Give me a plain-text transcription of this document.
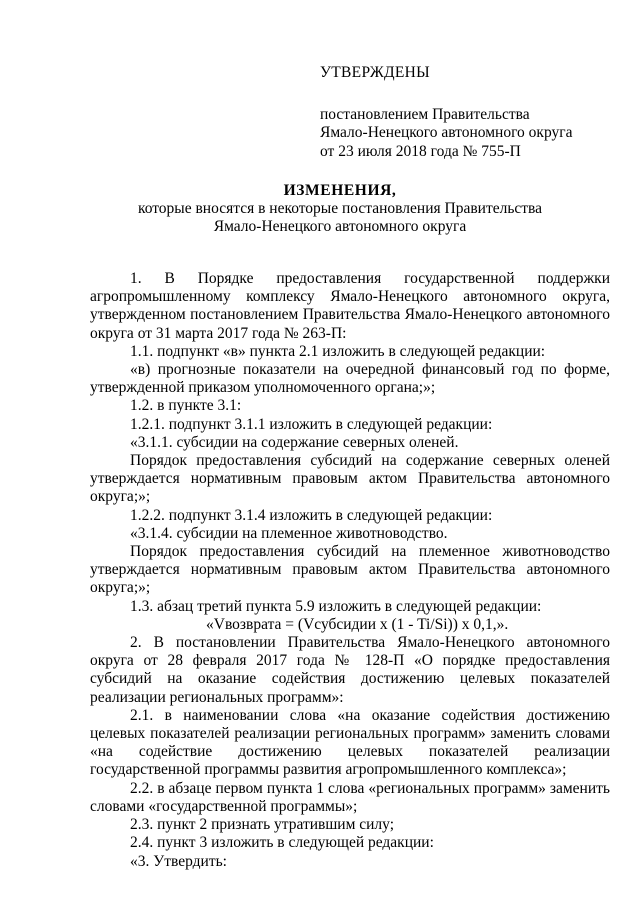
УТВЕРЖДЕНЫ

постановлением Правительства

Ямало-Ненецкого автономного округа

от 23 июля 2018 года № 755-П

ИЗМЕНЕНИЯ,

которые вносятся в некоторые постановления Правительства

Ямало-Ненецкого автономного округа

1. В Порядке предоставления государственной поддержки агропромышленному комплексу Ямало-Ненецкого автономного округа, утвержденном постановлением Правительства Ямало-Ненецкого автономного округа от 31 марта 2017 года № 263-П:

1.1. подпункт «в» пункта 2.1 изложить в следующей редакции:

«в) прогнозные показатели на очередной финансовый год по форме, утвержденной приказом уполномоченного органа;»;

1.2. в пункте 3.1:

1.2.1. подпункт 3.1.1 изложить в следующей редакции:

«3.1.1. субсидии на содержание северных оленей.

Порядок предоставления субсидий на содержание северных оленей утверждается нормативным правовым актом Правительства автономного округа;»;

1.2.2. подпункт 3.1.4 изложить в следующей редакции:

«3.1.4. субсидии на племенное животноводство.

Порядок предоставления субсидий на племенное животноводство утверждается нормативным правовым актом Правительства автономного округа;»;

1.3. абзац третий пункта 5.9 изложить в следующей редакции:

«Vвозврата = (Vсубсидии x (1 - Ti/Si)) x 0,1,».

2. В постановлении Правительства Ямало-Ненецкого автономного округа от 28 февраля 2017 года № 128-П «О порядке предоставления субсидий на оказание содействия достижению целевых показателей реализации региональных программ»:

2.1. в наименовании слова «на оказание содействия достижению целевых показателей реализации региональных программ» заменить словами «на содействие достижению целевых показателей реализации государственной программы развития агропромышленного комплекса»;

2.2. в абзаце первом пункта 1 слова «региональных программ» заменить словами «государственной программы»;

2.3. пункт 2 признать утратившим силу;

2.4. пункт 3 изложить в следующей редакции:

«3. Утвердить:
